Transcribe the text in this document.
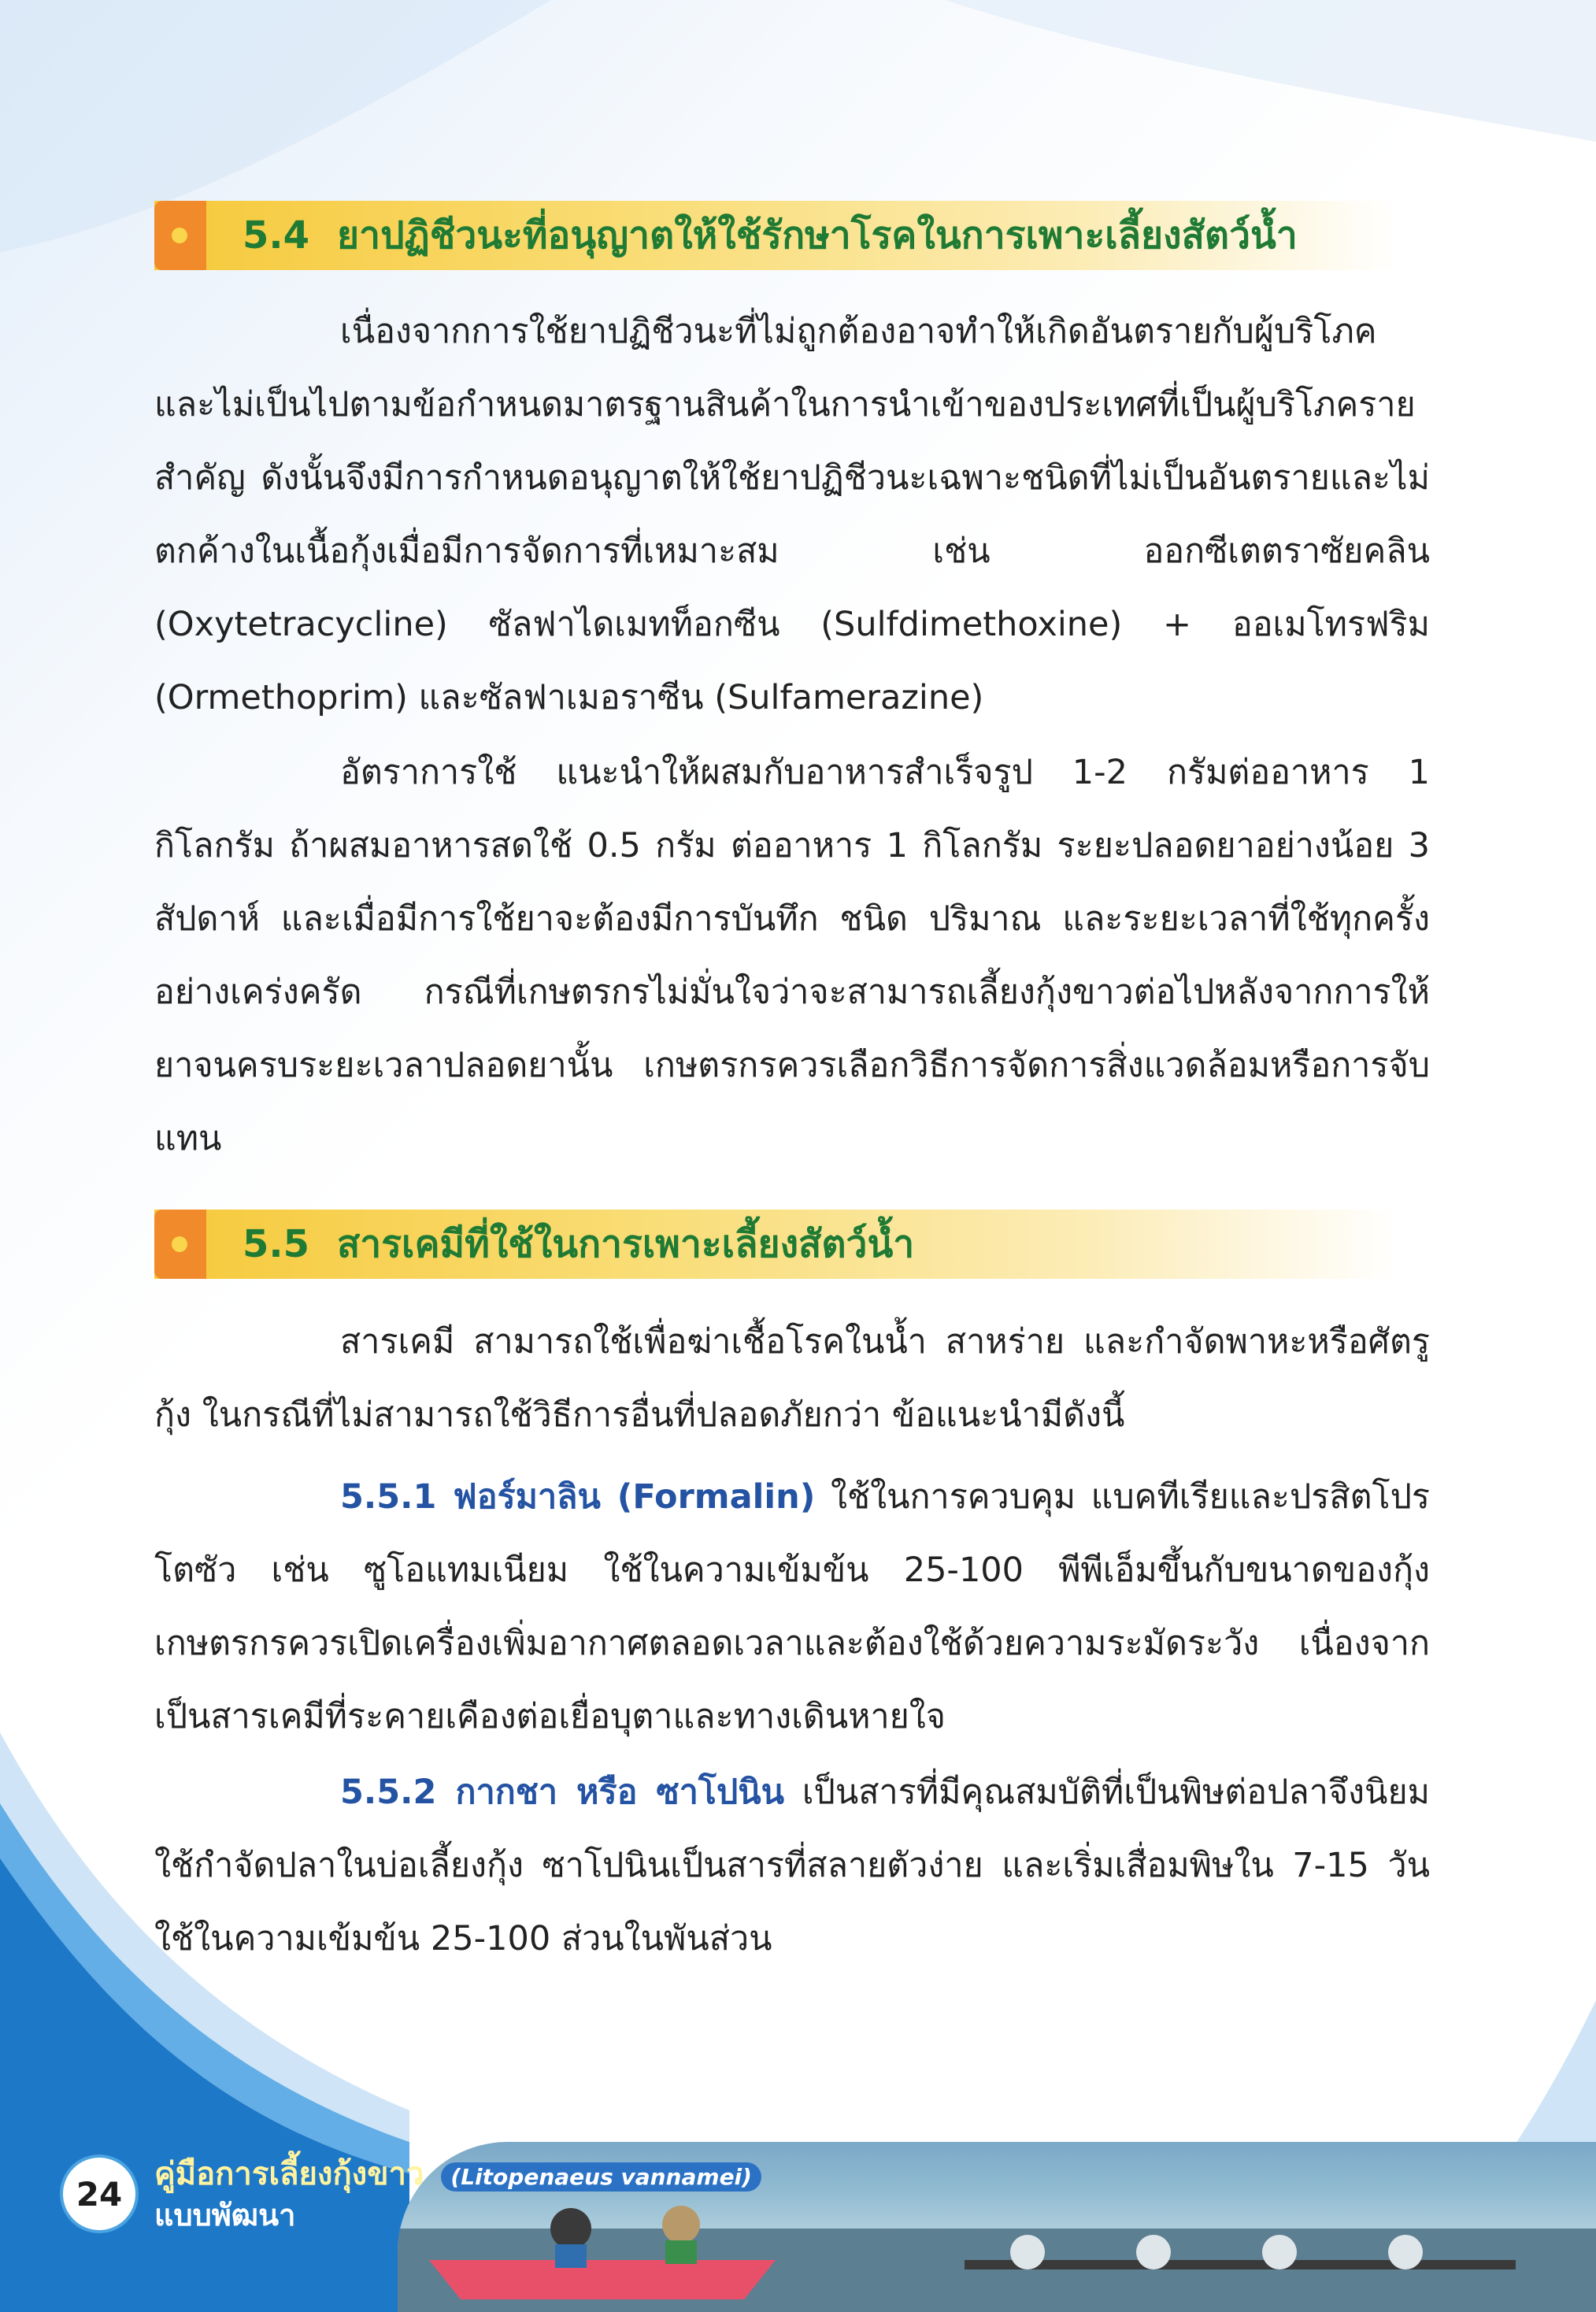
5.4 ยาปฏิชีวนะที่อนุญาตให้ใช้รักษาโรคในการเพาะเลี้ยงสัตว์น้ำ

เนื่องจากการใช้ยาปฏิชีวนะที่ไม่ถูกต้องอาจทำให้เกิดอันตรายกับผู้บริโภค และไม่เป็นไปตามข้อกำหนดมาตรฐานสินค้าในการนำเข้าของประเทศที่เป็นผู้บริโภครายสำคัญ ดังนั้นจึงมีการกำหนดอนุญาตให้ใช้ยาปฏิชีวนะเฉพาะชนิดที่ไม่เป็นอันตรายและไม่ตกค้างในเนื้อกุ้งเมื่อมีการจัดการที่เหมาะสม เช่น ออกซีเตตราซัยคลิน (Oxytetracycline) ซัลฟาไดเมทท็อกซีน (Sulfdimethoxine) + ออเมโทรฟริม (Ormethoprim) และซัลฟาเมอราซีน (Sulfamerazine)

อัตราการใช้ แนะนำให้ผสมกับอาหารสำเร็จรูป 1-2 กรัมต่ออาหาร 1 กิโลกรัม ถ้าผสมอาหารสดใช้ 0.5 กรัม ต่ออาหาร 1 กิโลกรัม ระยะปลอดยาอย่างน้อย 3 สัปดาห์ และเมื่อมีการใช้ยาจะต้องมีการบันทึก ชนิด ปริมาณ และระยะเวลาที่ใช้ทุกครั้งอย่างเคร่งครัด กรณีที่เกษตรกรไม่มั่นใจว่าจะสามารถเลี้ยงกุ้งขาวต่อไปหลังจากการให้ยาจนครบระยะเวลาปลอดยานั้น เกษตรกรควรเลือกวิธีการจัดการสิ่งแวดล้อมหรือการจับแทน

5.5 สารเคมีที่ใช้ในการเพาะเลี้ยงสัตว์น้ำ

สารเคมี สามารถใช้เพื่อฆ่าเชื้อโรคในน้ำ สาหร่าย และกำจัดพาหะหรือศัตรูกุ้ง ในกรณีที่ไม่สามารถใช้วิธีการอื่นที่ปลอดภัยกว่า ข้อแนะนำมีดังนี้

5.5.1 ฟอร์มาลิน (Formalin) ใช้ในการควบคุม แบคทีเรียและปรสิตโปรโตซัว เช่น ซูโอแทมเนียม ใช้ในความเข้มข้น 25-100 พีพีเอ็มขึ้นกับขนาดของกุ้ง เกษตรกรควรเปิดเครื่องเพิ่มอากาศตลอดเวลาและต้องใช้ด้วยความระมัดระวัง เนื่องจากเป็นสารเคมีที่ระคายเคืองต่อเยื่อบุตาและทางเดินหายใจ

5.5.2 กากชา หรือ ซาโปนิน เป็นสารที่มีคุณสมบัติที่เป็นพิษต่อปลาจึงนิยมใช้กำจัดปลาในบ่อเลี้ยงกุ้ง ซาโปนินเป็นสารที่สลายตัวง่าย และเริ่มเสื่อมพิษใน 7-15 วัน ใช้ในความเข้มข้น 25-100 ส่วนในพันส่วน

24
คู่มือการเลี้ยงกุ้งขาว (Litopenaeus vannamei)
แบบพัฒนา
